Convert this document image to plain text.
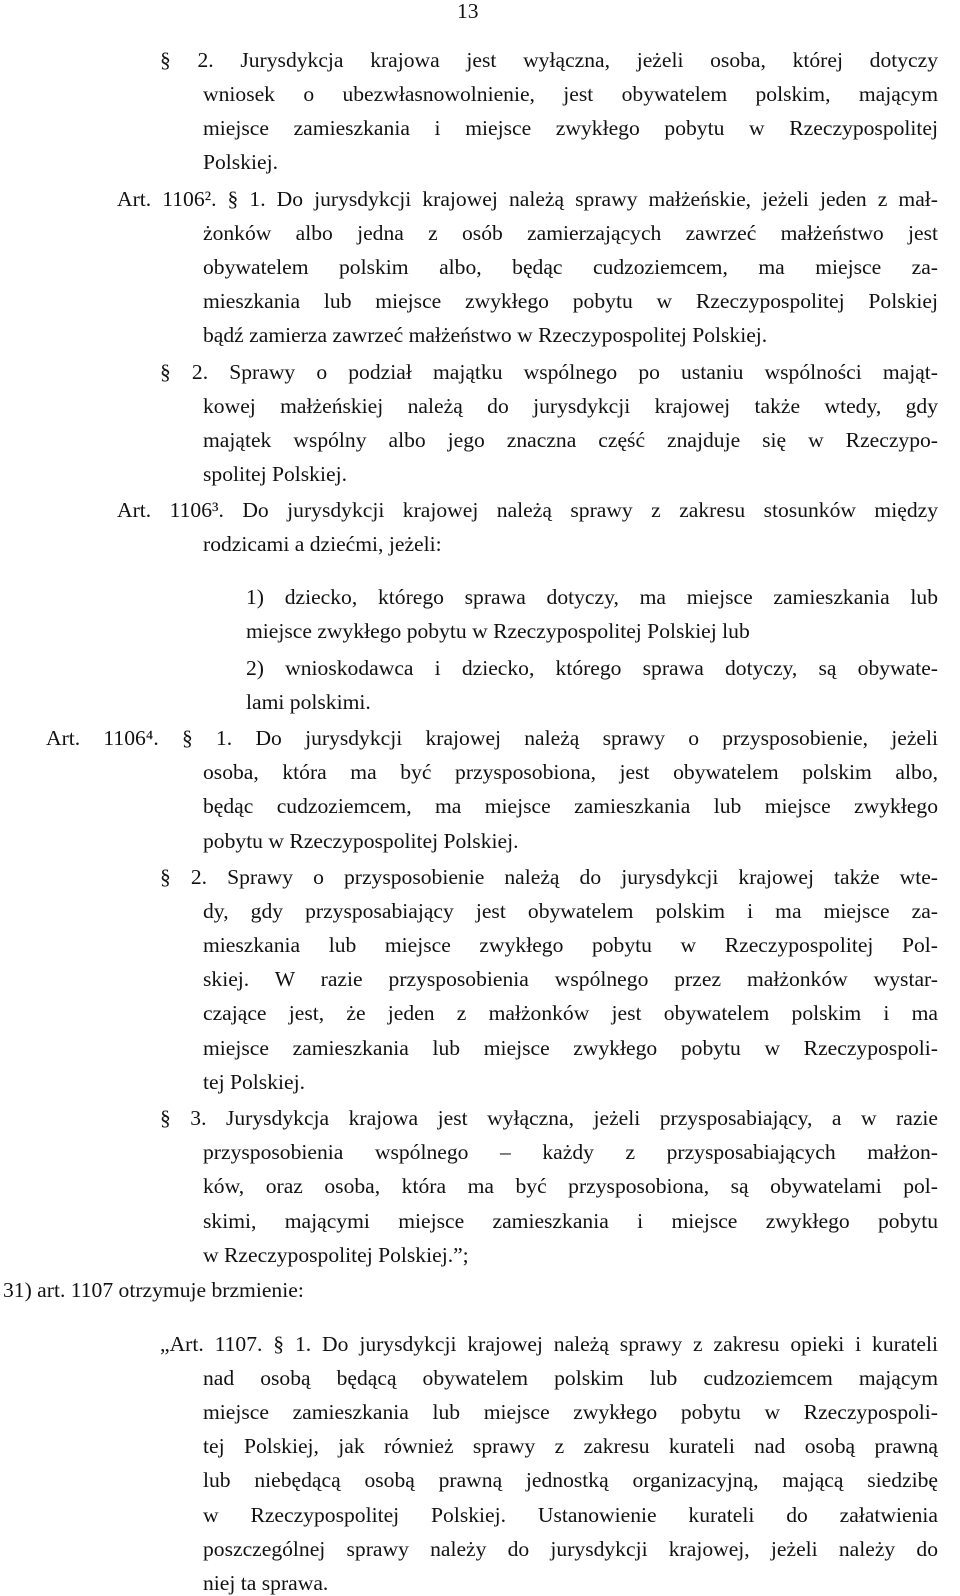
13
§ 2. Jurysdykcja krajowa jest wyłączna, jeżeli osoba, której dotyczy
wniosek o ubezwłasnowolnienie, jest obywatelem polskim, mającym
miejsce zamieszkania i miejsce zwykłego pobytu w Rzeczypospolitej
Polskiej.
Art. 1106². § 1. Do jurysdykcji krajowej należą sprawy małżeńskie, jeżeli jeden z mał-
żonków albo jedna z osób zamierzających zawrzeć małżeństwo jest
obywatelem polskim albo, będąc cudzoziemcem, ma miejsce za-
mieszkania lub miejsce zwykłego pobytu w Rzeczypospolitej Polskiej
bądź zamierza zawrzeć małżeństwo w Rzeczypospolitej Polskiej.
§ 2. Sprawy o podział majątku wspólnego po ustaniu wspólności mająt-
kowej małżeńskiej należą do jurysdykcji krajowej także wtedy, gdy
majątek wspólny albo jego znaczna część znajduje się w Rzeczypo-
spolitej Polskiej.
Art. 1106³. Do jurysdykcji krajowej należą sprawy z zakresu stosunków między
rodzicami a dziećmi, jeżeli:
1) dziecko, którego sprawa dotyczy, ma miejsce zamieszkania lub
miejsce zwykłego pobytu w Rzeczypospolitej Polskiej lub
2) wnioskodawca i dziecko, którego sprawa dotyczy, są obywate-
lami polskimi.
Art. 1106⁴. § 1. Do jurysdykcji krajowej należą sprawy o przysposobienie, jeżeli
osoba, która ma być przysposobiona, jest obywatelem polskim albo,
będąc cudzoziemcem, ma miejsce zamieszkania lub miejsce zwykłego
pobytu w Rzeczypospolitej Polskiej.
§ 2. Sprawy o przysposobienie należą do jurysdykcji krajowej także wte-
dy, gdy przysposabiający jest obywatelem polskim i ma miejsce za-
mieszkania lub miejsce zwykłego pobytu w Rzeczypospolitej Pol-
skiej. W razie przysposobienia wspólnego przez małżonków wystar-
czające jest, że jeden z małżonków jest obywatelem polskim i ma
miejsce zamieszkania lub miejsce zwykłego pobytu w Rzeczypospoli-
tej Polskiej.
§ 3. Jurysdykcja krajowa jest wyłączna, jeżeli przysposabiający, a w razie
przysposobienia wspólnego – każdy z przysposabiających małżon-
ków, oraz osoba, która ma być przysposobiona, są obywatelami pol-
skimi, mającymi miejsce zamieszkania i miejsce zwykłego pobytu
w Rzeczypospolitej Polskiej.”;
31) art. 1107 otrzymuje brzmienie:
„Art. 1107. § 1. Do jurysdykcji krajowej należą sprawy z zakresu opieki i kurateli
nad osobą będącą obywatelem polskim lub cudzoziemcem mającym
miejsce zamieszkania lub miejsce zwykłego pobytu w Rzeczypospoli-
tej Polskiej, jak również sprawy z zakresu kurateli nad osobą prawną
lub niebędącą osobą prawną jednostką organizacyjną, mającą siedzibę
w Rzeczypospolitej Polskiej. Ustanowienie kurateli do załatwienia
poszczególnej sprawy należy do jurysdykcji krajowej, jeżeli należy do
niej ta sprawa.
